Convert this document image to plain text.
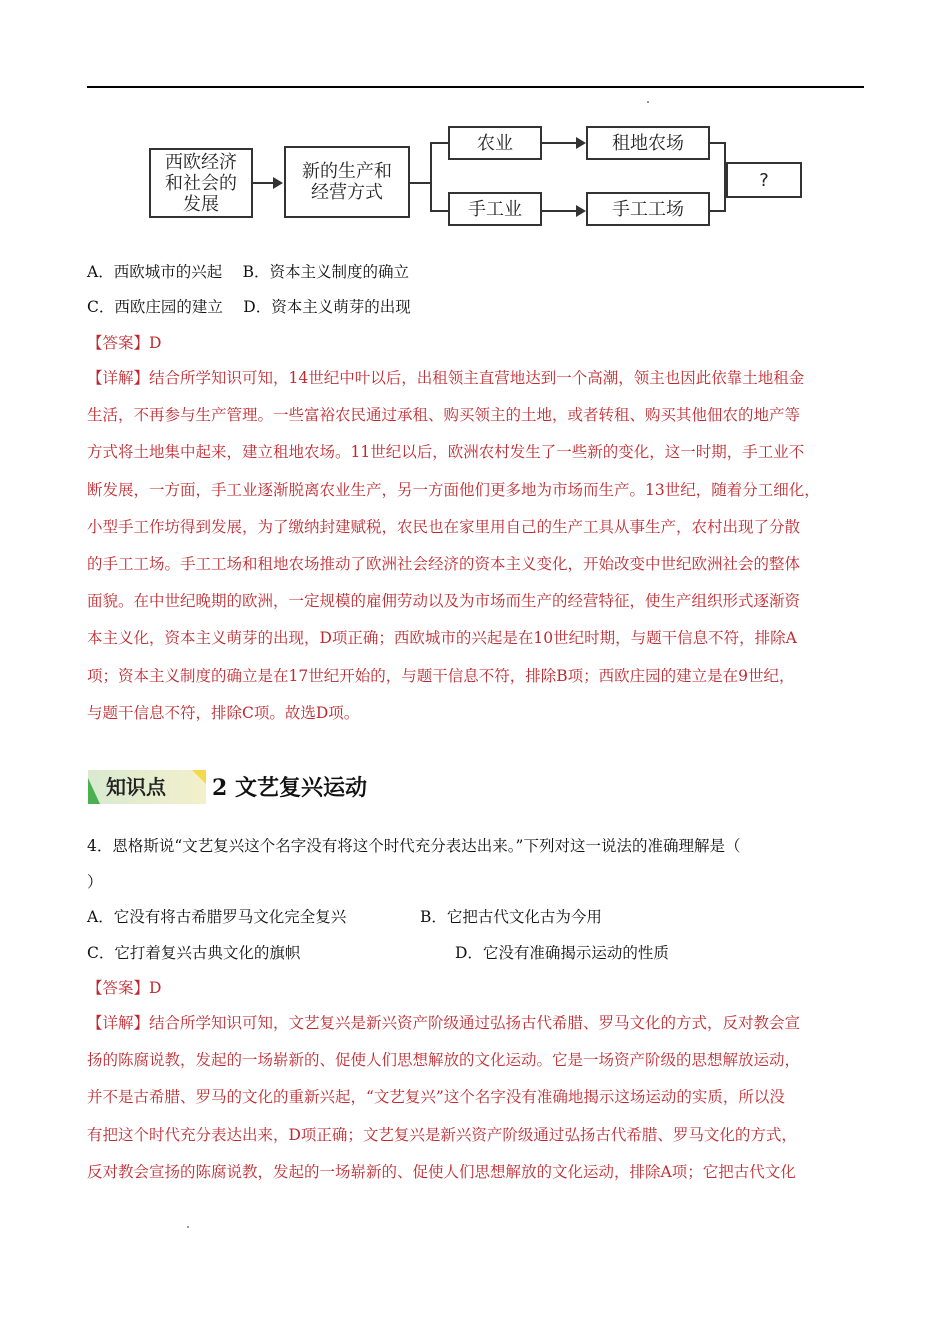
西欧经济和社会的发展
新的生产和经营方式
农业	租地农场
手工业	手工工场
?
A．西欧城市的兴起　 B．资本主义制度的确立
C．西欧庄园的建立　 D．资本主义萌芽的出现
【答案】D
【详解】结合所学知识可知，14世纪中叶以后，出租领主直营地达到一个高潮，领主也因此依靠土地租金
生活，不再参与生产管理。一些富裕农民通过承租、购买领主的土地，或者转租、购买其他佃农的地产等
方式将土地集中起来，建立租地农场。11世纪以后，欧洲农村发生了一些新的变化，这一时期，手工业不
断发展，一方面，手工业逐渐脱离农业生产，另一方面他们更多地为市场而生产。13世纪，随着分工细化，
小型手工作坊得到发展，为了缴纳封建赋税，农民也在家里用自己的生产工具从事生产，农村出现了分散
的手工工场。手工工场和租地农场推动了欧洲社会经济的资本主义变化，开始改变中世纪欧洲社会的整体
面貌。在中世纪晚期的欧洲，一定规模的雇佣劳动以及为市场而生产的经营特征，使生产组织形式逐渐资
本主义化，资本主义萌芽的出现，D项正确；西欧城市的兴起是在10世纪时期，与题干信息不符，排除A
项；资本主义制度的确立是在17世纪开始的，与题干信息不符，排除B项；西欧庄园的建立是在9世纪，
与题干信息不符，排除C项。故选D项。
知识点	2 文艺复兴运动
4．恩格斯说“文艺复兴这个名字没有将这个时代充分表达出来。”下列对这一说法的准确理解是（
）
A．它没有将古希腊罗马文化完全复兴	B．它把古代文化古为今用
C．它打着复兴古典文化的旗帜	D．它没有准确揭示运动的性质
【答案】D
【详解】结合所学知识可知，文艺复兴是新兴资产阶级通过弘扬古代希腊、罗马文化的方式，反对教会宣
扬的陈腐说教，发起的一场崭新的、促使人们思想解放的文化运动。它是一场资产阶级的思想解放运动，
并不是古希腊、罗马的文化的重新兴起，“文艺复兴”这个名字没有准确地揭示这场运动的实质，所以没
有把这个时代充分表达出来，D项正确；文艺复兴是新兴资产阶级通过弘扬古代希腊、罗马文化的方式，
反对教会宣扬的陈腐说教，发起的一场崭新的、促使人们思想解放的文化运动，排除A项；它把古代文化
